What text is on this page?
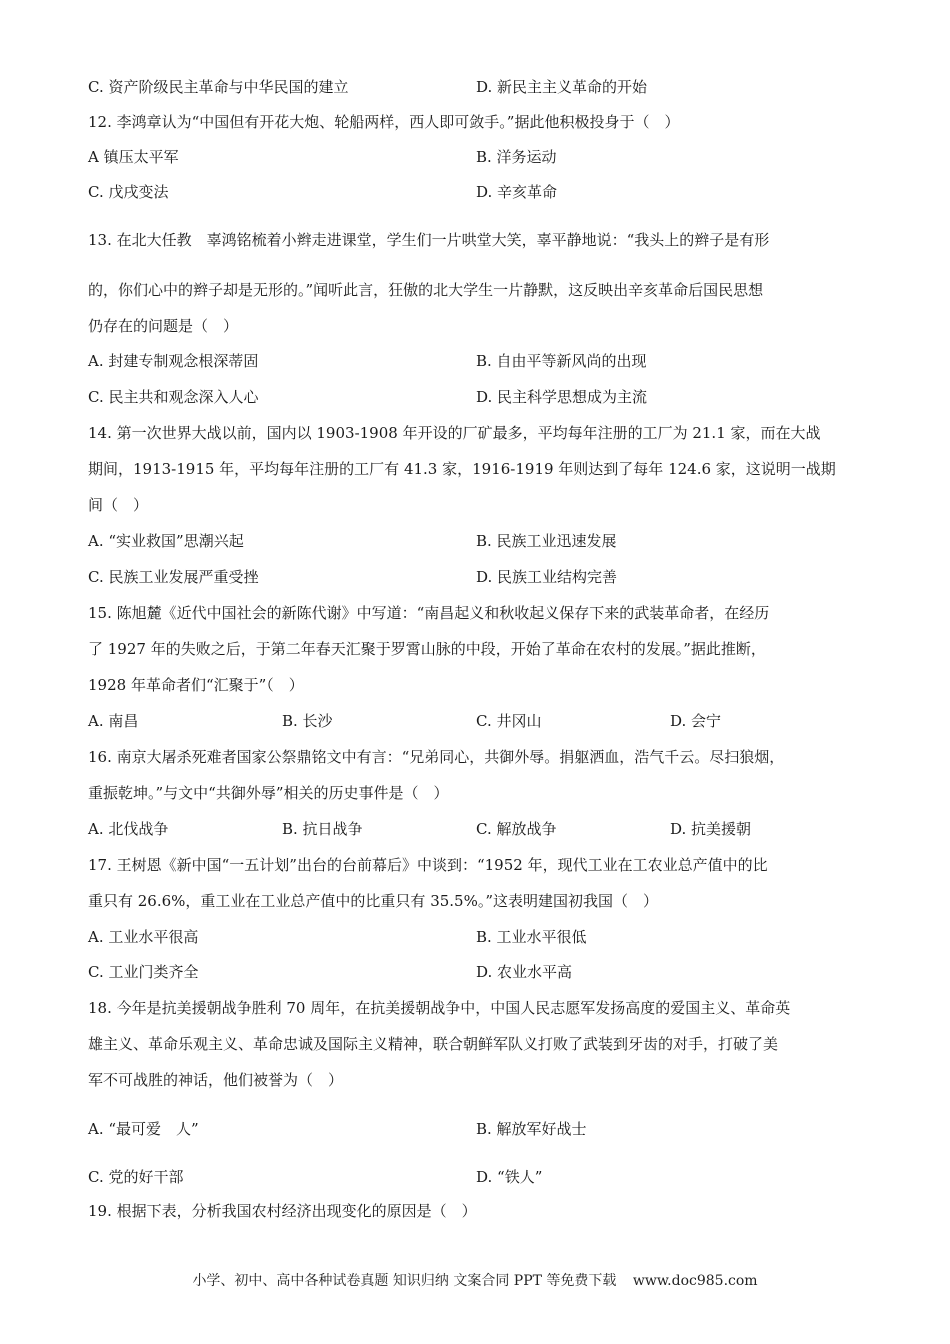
C. 资产阶级民主革命与中华民国的建立	D. 新民主主义革命的开始
12. 李鸿章认为“中国但有开花大炮、轮船两样，西人即可敛手。”据此他积极投身于（　）
A 镇压太平军	B. 洋务运动
C. 戊戌变法	D. 辛亥革命
13. 在北大任教　辜鸿铭梳着小辫走进课堂，学生们一片哄堂大笑，辜平静地说：“我头上的辫子是有形
的，你们心中的辫子却是无形的。”闻听此言，狂傲的北大学生一片静默，这反映出辛亥革命后国民思想
仍存在的问题是（　）
A. 封建专制观念根深蒂固	B. 自由平等新风尚的出现
C. 民主共和观念深入人心	D. 民主科学思想成为主流
14. 第一次世界大战以前，国内以 1903-1908 年开设的厂矿最多，平均每年注册的工厂为 21.1 家，而在大战
期间，1913-1915 年，平均每年注册的工厂有 41.3 家，1916-1919 年则达到了每年 124.6 家，这说明一战期
间（　）
A. “实业救国”思潮兴起	B. 民族工业迅速发展
C. 民族工业发展严重受挫	D. 民族工业结构完善
15. 陈旭麓《近代中国社会的新陈代谢》中写道：“南昌起义和秋收起义保存下来的武装革命者，在经历
了 1927 年的失败之后，于第二年春天汇聚于罗霄山脉的中段，开始了革命在农村的发展。”据此推断，
1928 年革命者们“汇聚于”（　）
A. 南昌	B. 长沙	C. 井冈山	D. 会宁
16. 南京大屠杀死难者国家公祭鼎铭文中有言：“兄弟同心，共御外辱。捐躯洒血，浩气千云。尽扫狼烟，
重振乾坤。”与文中“共御外辱”相关的历史事件是（　）
A. 北伐战争	B. 抗日战争	C. 解放战争	D. 抗美援朝
17. 王树恩《新中国“一五计划”出台的台前幕后》中谈到：“1952 年，现代工业在工农业总产值中的比
重只有 26.6%，重工业在工业总产值中的比重只有 35.5%。”这表明建国初我国（　）
A. 工业水平很高	B. 工业水平很低
C. 工业门类齐全	D. 农业水平高
18. 今年是抗美援朝战争胜利 70 周年，在抗美援朝战争中，中国人民志愿军发扬高度的爱国主义、革命英
雄主义、革命乐观主义、革命忠诚及国际主义精神，联合朝鲜军队义打败了武装到牙齿的对手，打破了美
军不可战胜的神话，他们被誉为（　）
A. “最可爱　人”	B. 解放军好战士
C. 党的好干部	D. “铁人”
19. 根据下表，分析我国农村经济出现变化的原因是（　）
小学、初中、高中各种试卷真题 知识归纳 文案合同 PPT 等免费下载 www.doc985.com
